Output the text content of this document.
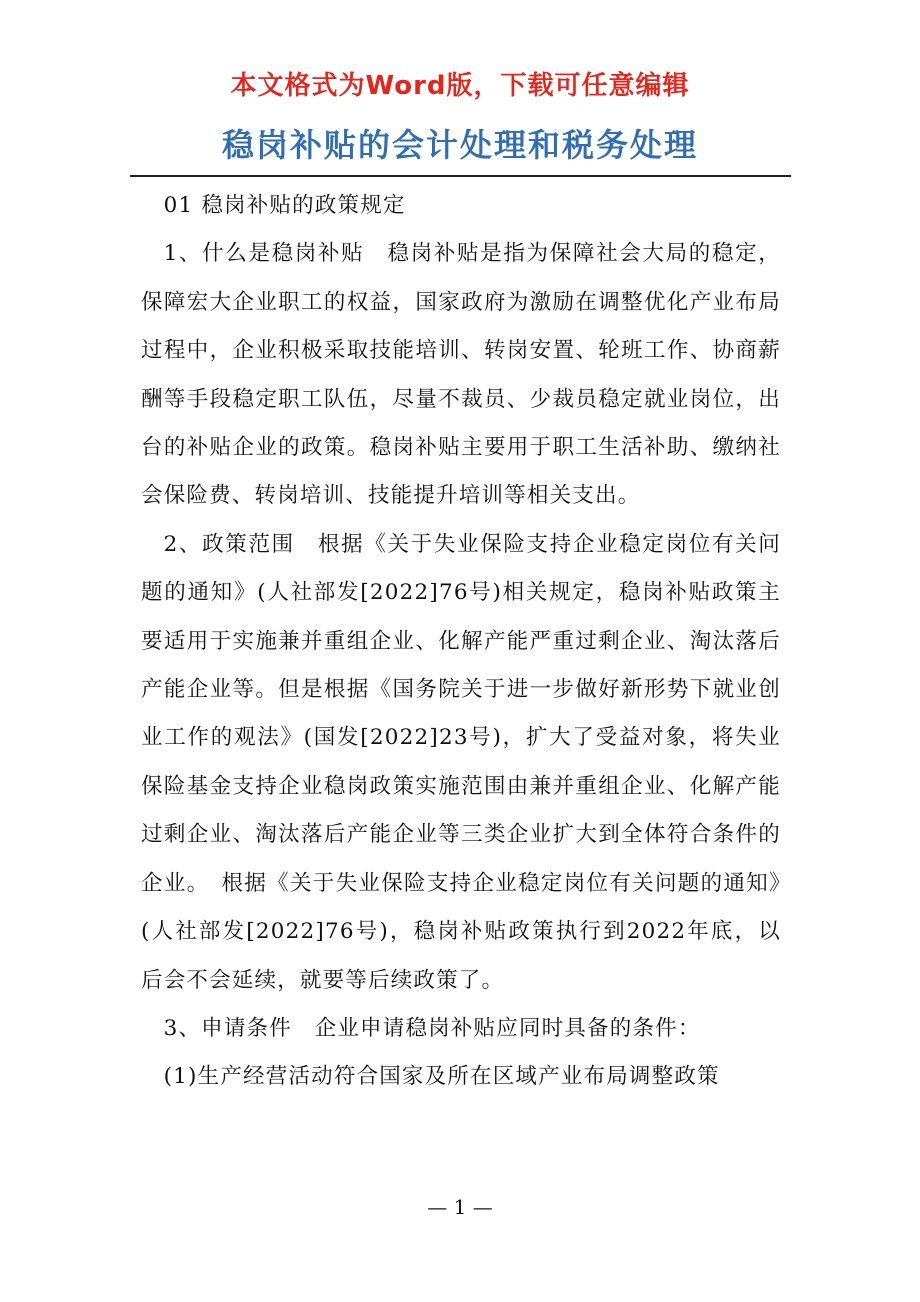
本文格式为Word版，下载可任意编辑
稳岗补贴的会计处理和税务处理

01 稳岗补贴的政策规定

1、什么是稳岗补贴　稳岗补贴是指为保障社会大局的稳定，保障宏大企业职工的权益，国家政府为激励在调整优化产业布局过程中，企业积极采取技能培训、转岗安置、轮班工作、协商薪酬等手段稳定职工队伍，尽量不裁员、少裁员稳定就业岗位，出台的补贴企业的政策。稳岗补贴主要用于职工生活补助、缴纳社会保险费、转岗培训、技能提升培训等相关支出。

2、政策范围　根据《关于失业保险支持企业稳定岗位有关问题的通知》(人社部发[2022]76号)相关规定，稳岗补贴政策主要适用于实施兼并重组企业、化解产能严重过剩企业、淘汰落后产能企业等。但是根据《国务院关于进一步做好新形势下就业创业工作的观法》(国发[2022]23号)，扩大了受益对象，将失业保险基金支持企业稳岗政策实施范围由兼并重组企业、化解产能过剩企业、淘汰落后产能企业等三类企业扩大到全体符合条件的企业。　根据《关于失业保险支持企业稳定岗位有关问题的通知》(人社部发[2022]76号)，稳岗补贴政策执行到2022年底，以后会不会延续，就要等后续政策了。

3、申请条件　企业申请稳岗补贴应同时具备的条件：

(1)生产经营活动符合国家及所在区域产业布局调整政策

— 1 —
